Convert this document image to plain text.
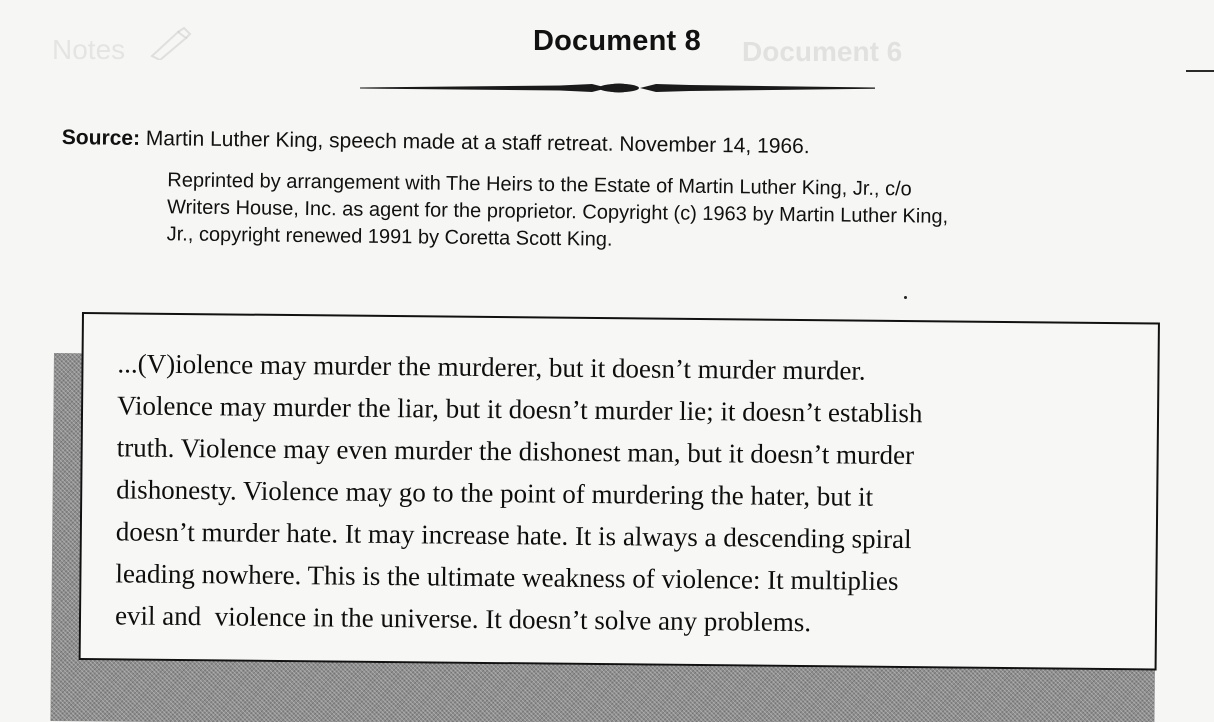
Notes	Document 6
Document 8
Source: Martin Luther King, speech made at a staff retreat. November 14, 1966.
Reprinted by arrangement with The Heirs to the Estate of Martin Luther King, Jr., c/o
Writers House, Inc. as agent for the proprietor. Copyright (c) 1963 by Martin Luther King,
Jr., copyright renewed 1991 by Coretta Scott King.
...(V)iolence may murder the murderer, but it doesn’t murder murder.
Violence may murder the liar, but it doesn’t murder lie; it doesn’t establish
truth. Violence may even murder the dishonest man, but it doesn’t murder
dishonesty. Violence may go to the point of murdering the hater, but it
doesn’t murder hate. It may increase hate. It is always a descending spiral
leading nowhere. This is the ultimate weakness of violence: It multiplies
evil and  violence in the universe. It doesn’t solve any problems.
